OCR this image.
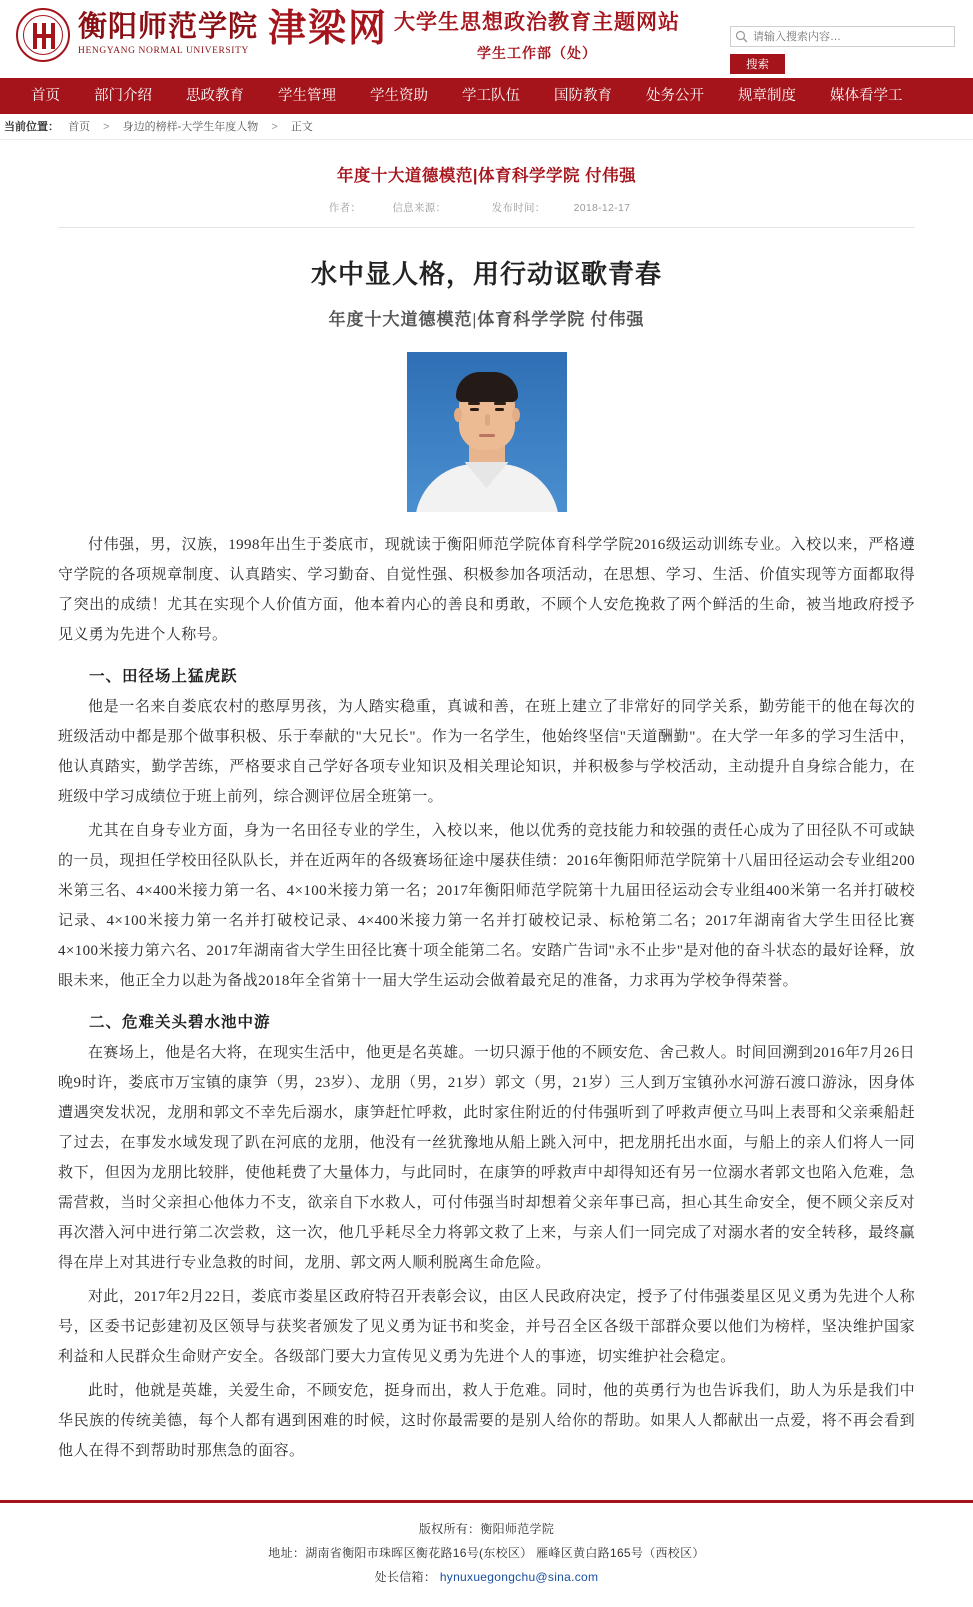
衡阳师范学院
HENGYANG NORMAL UNIVERSITY
津梁网 大学生思想政治教育主题网站
学生工作部（处）
请输入搜索内容…
搜索
首页	部门介绍	思政教育	学生管理	学生资助	学工队伍	国防教育	处务公开	规章制度	媒体看学工
当前位置： 首页 > 身边的榜样-大学生年度人物 > 正文
年度十大道德模范|体育科学学院 付伟强
作者：	信息来源：	发布时间：	2018-12-17
水中显人格，用行动讴歌青春
年度十大道德模范|体育科学学院 付伟强

付伟强，男，汉族，1998年出生于娄底市，现就读于衡阳师范学院体育科学学院2016级运动训练专业。入校以来，严格遵守学院的各项规章制度、认真踏实、学习勤奋、自觉性强、积极参加各项活动，在思想、学习、生活、价值实现等方面都取得了突出的成绩！尤其在实现个人价值方面，他本着内心的善良和勇敢，不顾个人安危挽救了两个鲜活的生命，被当地政府授予见义勇为先进个人称号。

一、田径场上猛虎跃

他是一名来自娄底农村的憨厚男孩，为人踏实稳重，真诚和善，在班上建立了非常好的同学关系，勤劳能干的他在每次的班级活动中都是那个做事积极、乐于奉献的"大兄长"。作为一名学生，他始终坚信"天道酬勤"。在大学一年多的学习生活中，他认真踏实，勤学苦练，严格要求自己学好各项专业知识及相关理论知识，并积极参与学校活动，主动提升自身综合能力，在班级中学习成绩位于班上前列，综合测评位居全班第一。

尤其在自身专业方面，身为一名田径专业的学生，入校以来，他以优秀的竞技能力和较强的责任心成为了田径队不可或缺的一员，现担任学校田径队队长，并在近两年的各级赛场征途中屡获佳绩：2016年衡阳师范学院第十八届田径运动会专业组200米第三名、4×400米接力第一名、4×100米接力第一名；2017年衡阳师范学院第十九届田径运动会专业组400米第一名并打破校记录、4×100米接力第一名并打破校记录、4×400米接力第一名并打破校记录、标枪第二名；2017年湖南省大学生田径比赛4×100米接力第六名、2017年湖南省大学生田径比赛十项全能第二名。安踏广告词"永不止步"是对他的奋斗状态的最好诠释，放眼未来，他正全力以赴为备战2018年全省第十一届大学生运动会做着最充足的准备，力求再为学校争得荣誉。

二、危难关头碧水池中游

在赛场上，他是名大将，在现实生活中，他更是名英雄。一切只源于他的不顾安危、舍己救人。时间回溯到2016年7月26日晚9时许，娄底市万宝镇的康笋（男，23岁）、龙朋（男，21岁）郭文（男，21岁）三人到万宝镇孙水河游石渡口游泳，因身体遭遇突发状况，龙朋和郭文不幸先后溺水，康笋赶忙呼救，此时家住附近的付伟强听到了呼救声便立马叫上表哥和父亲乘船赶了过去，在事发水域发现了趴在河底的龙朋，他没有一丝犹豫地从船上跳入河中，把龙朋托出水面，与船上的亲人们将人一同救下，但因为龙朋比较胖，使他耗费了大量体力，与此同时，在康笋的呼救声中却得知还有另一位溺水者郭文也陷入危难，急需营救，当时父亲担心他体力不支，欲亲自下水救人，可付伟强当时却想着父亲年事已高，担心其生命安全，便不顾父亲反对再次潜入河中进行第二次尝救，这一次，他几乎耗尽全力将郭文救了上来，与亲人们一同完成了对溺水者的安全转移，最终赢得在岸上对其进行专业急救的时间，龙朋、郭文两人顺利脱离生命危险。

对此，2017年2月22日，娄底市娄星区政府特召开表彰会议，由区人民政府决定，授予了付伟强娄星区见义勇为先进个人称号，区委书记彭建初及区领导与获奖者颁发了见义勇为证书和奖金，并号召全区各级干部群众要以他们为榜样，坚决维护国家利益和人民群众生命财产安全。各级部门要大力宣传见义勇为先进个人的事迹，切实维护社会稳定。

此时，他就是英雄，关爱生命，不顾安危，挺身而出，救人于危难。同时，他的英勇行为也告诉我们，助人为乐是我们中华民族的传统美德，每个人都有遇到困难的时候，这时你最需要的是别人给你的帮助。如果人人都献出一点爱，将不再会看到他人在得不到帮助时那焦急的面容。

版权所有：衡阳师范学院
地址：湖南省衡阳市珠晖区衡花路16号(东校区） 雁峰区黄白路165号（西校区）
处长信箱： hynuxuegongchu@sina.com
